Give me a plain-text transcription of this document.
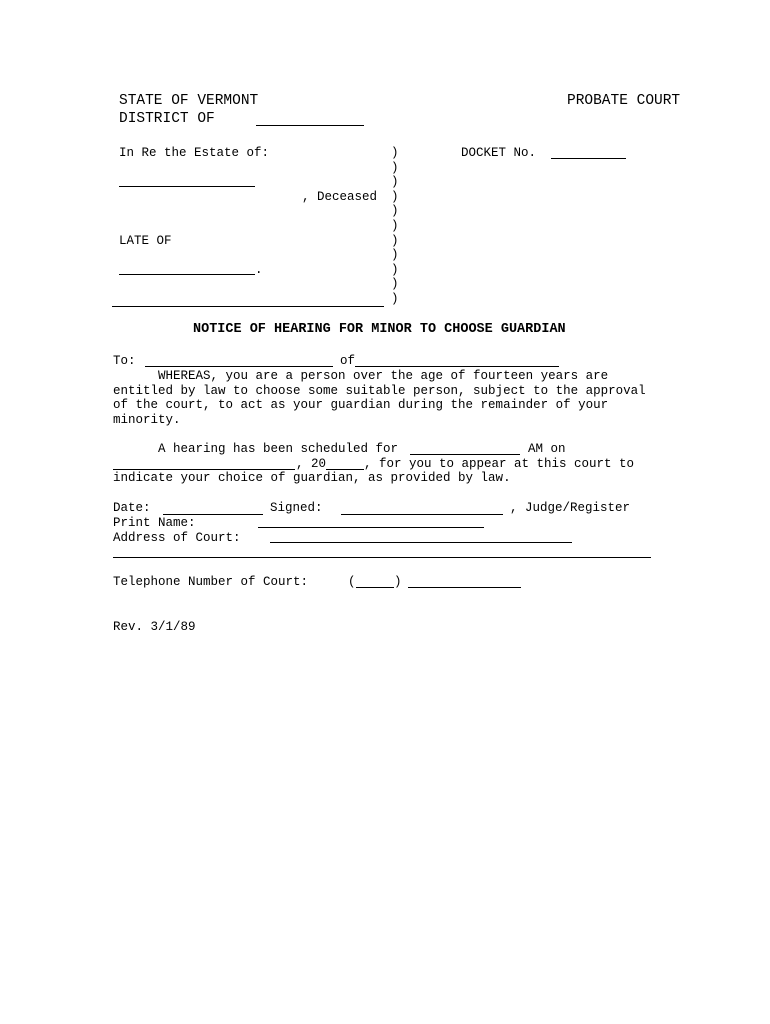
STATE OF VERMONT	PROBATE COURT
DISTRICT OF
In Re the Estate of:
, Deceased
LATE OF
.
)
)
)
)
)
)
)
)
)
)
)
DOCKET No.
NOTICE OF HEARING FOR MINOR TO CHOOSE GUARDIAN
To:	of
WHEREAS, you are a person over the age of fourteen years are
entitled by law to choose some suitable person, subject to the approval
of the court, to act as your guardian during the remainder of your
minority.
A hearing has been scheduled for	AM on
, 20	, for you to appear at this court to
indicate your choice of guardian, as provided by law.
Date:	Signed:	, Judge/Register
Print Name:
Address of Court:
Telephone Number of Court:	(	)
Rev. 3/1/89
